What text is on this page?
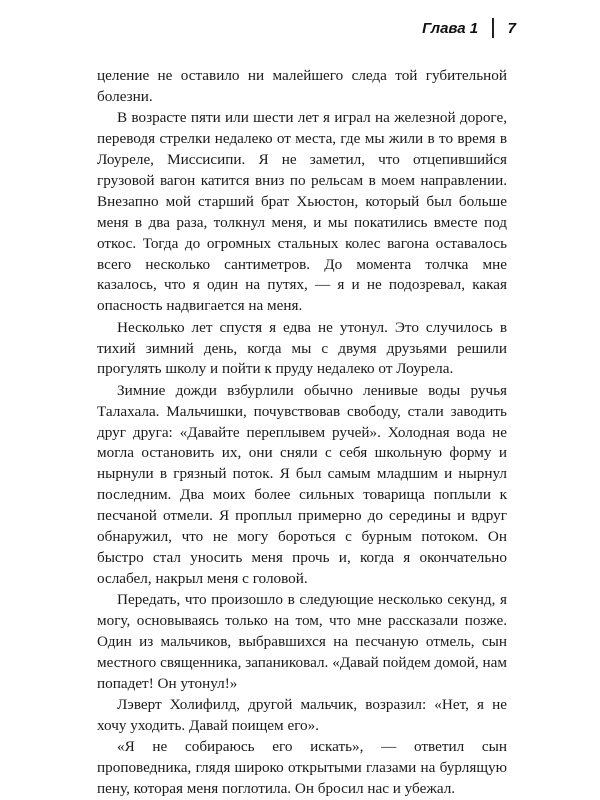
Глава 1 7

целение не оставило ни малейшего следа той губительной болезни.

В возрасте пяти или шести лет я играл на железной дороге, переводя стрелки недалеко от места, где мы жили в то время в Лоуреле, Миссисипи. Я не заметил, что отцепившийся грузовой вагон катится вниз по рельсам в моем направлении. Внезапно мой старший брат Хьюстон, который был больше меня в два раза, толкнул меня, и мы покатились вместе под откос. Тогда до огромных стальных колес вагона оставалось всего несколько сантиметров. До момента толчка мне казалось, что я один на путях, — я и не подозревал, какая опасность надвигается на меня.

Несколько лет спустя я едва не утонул. Это случилось в тихий зимний день, когда мы с двумя друзьями решили прогулять школу и пойти к пруду недалеко от Лоурела.

Зимние дожди взбурлили обычно ленивые воды ручья Талахала. Мальчишки, почувствовав свободу, стали заводить друг друга: «Давайте переплывем ручей». Холодная вода не могла остановить их, они сняли с себя школьную форму и нырнули в грязный поток. Я был самым младшим и нырнул последним. Два моих более сильных товарища поплыли к песчаной отмели. Я проплыл примерно до середины и вдруг обнаружил, что не могу бороться с бурным потоком. Он быстро стал уносить меня прочь и, когда я окончательно ослабел, накрыл меня с головой.

Передать, что произошло в следующие несколько секунд, я могу, основываясь только на том, что мне рассказали позже. Один из мальчиков, выбравшихся на песчаную отмель, сын местного священника, запаниковал. «Давай пойдем домой, нам попадет! Он утонул!»

Лэверт Холифилд, другой мальчик, возразил: «Нет, я не хочу уходить. Давай поищем его».

«Я не собираюсь его искать», — ответил сын проповедника, глядя широко открытыми глазами на бурлящую пену, которая меня поглотила. Он бросил нас и убежал.
